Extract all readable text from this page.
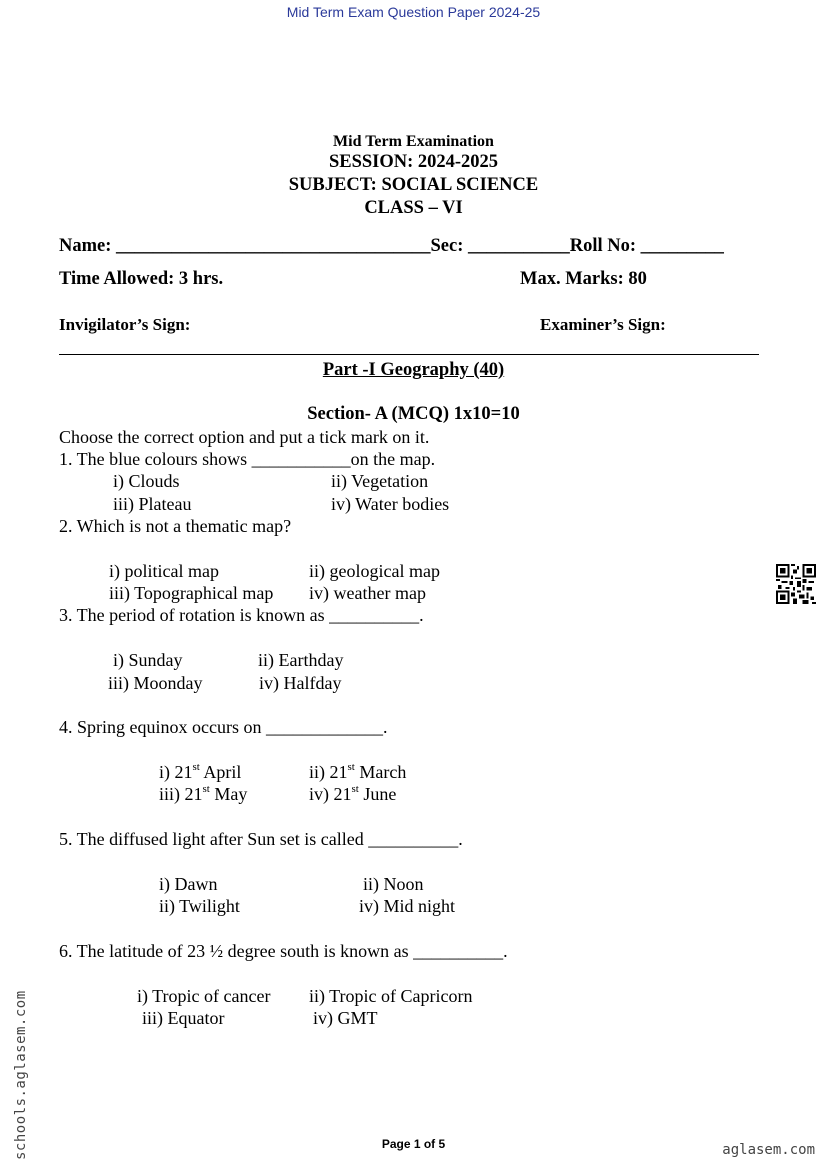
Mid Term Exam Question Paper 2024-25
Mid Term Examination
SESSION: 2024-2025
SUBJECT: SOCIAL SCIENCE
CLASS – VI
Name: __________________________________Sec: ___________Roll No: _________
Time Allowed: 3 hrs.	Max. Marks: 80
Invigilator’s Sign:	Examiner’s Sign:
Part -I Geography (40)
Section- A (MCQ) 1x10=10
Choose the correct option and put a tick mark on it.
1. The blue colours shows ___________on the map.
i) Clouds	ii) Vegetation
iii) Plateau	iv) Water bodies
2. Which is not a thematic map?
i) political map	ii) geological map
iii) Topographical map iv) weather map
3. The period of rotation is known as __________.
i) Sunday	ii) Earthday
iii) Moonday	iv) Halfday
4. Spring equinox occurs on _____________.
i) 21st April	ii) 21st March
iii) 21st May	iv) 21st June
5. The diffused light after Sun set is called __________.
i) Dawn	ii) Noon
ii) Twilight	iv) Mid night
6. The latitude of 23 ½ degree south is known as __________.
i) Tropic of cancer ii) Tropic of Capricorn
iii) Equator	iv) GMT
Page 1 of 5
schools.aglasem.com	aglasem.com
